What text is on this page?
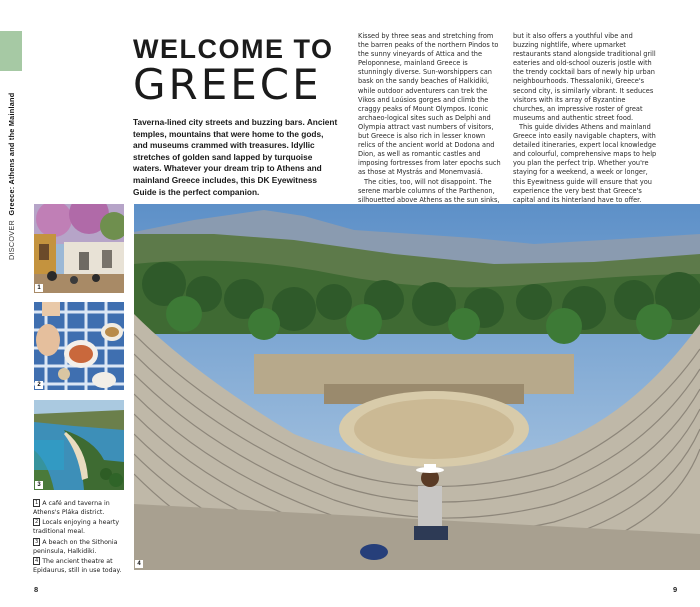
DISCOVER  Greece: Athens and the Mainland
WELCOME TO
GREECE
Taverna-lined city streets and buzzing bars. Ancient temples, mountains that were home to the gods, and museums crammed with treasures. Idyllic stretches of golden sand lapped by turquoise waters. Whatever your dream trip to Athens and mainland Greece includes, this DK Eyewitness Guide is the perfect companion.

Kissed by three seas and stretching from the barren peaks of the northern Pindos to the sunny vineyards of Attica and the Peloponnese, mainland Greece is stunningly diverse. Sun-worshippers can bask on the sandy beaches of Halkidiki, while outdoor adventurers can trek the Vikos and Loúsios gorges and climb the craggy peaks of Mount Olympos. Iconic archaeo-logical sites such as Delphi and Olympia attract vast numbers of visitors, but Greece is also rich in lesser known relics of the ancient world at Dodona and Dion, as well as romantic castles and imposing fortresses from later epochs such as those at Mystrás and Monemvasiá.

The cities, too, will not disappoint. The serene marble columns of the Parthenon, silhouetted above Athens as the sun sinks,

but it also offers a youthful vibe and buzzing nightlife, where upmarket restaurants stand alongside traditional grill eateries and old-school ouzeris jostle with the trendy cocktail bars of newly hip urban neighbourhoods. Thessaloniki, Greece's second city, is similarly vibrant. It seduces visitors with its array of Byzantine churches, an impressive roster of great museums and authentic street food.

This guide divides Athens and mainland Greece into easily navigable chapters, with detailed itineraries, expert local knowledge and colourful, comprehensive maps to help you plan the perfect trip. Whether you're staying for a weekend, a week or longer, this Eyewitness guide will ensure that you experience the very best that Greece's capital and its hinterland have to offer.

1
2
3
4
1 A café and taverna in Athens's Pláka district.
2 Locals enjoying a hearty traditional meal.
3 A beach on the Sithonia peninsula, Halkidiki.
4 The ancient theatre at Epidaurus, still in use today.
8	9
